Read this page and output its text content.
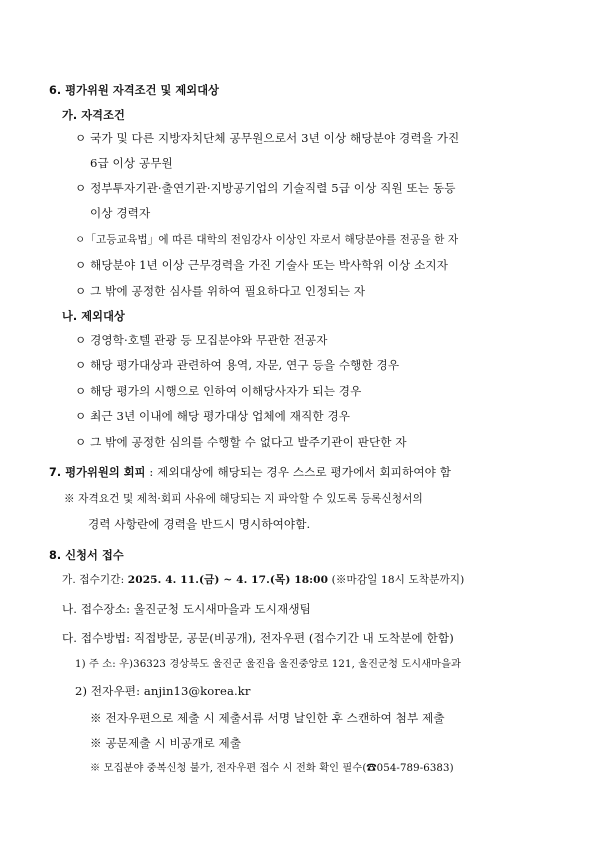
6. 평가위원 자격조건 및 제외대상
가. 자격조건
ㅇ 국가 및 다른 지방자치단체 공무원으로서 3년 이상 해당분야 경력을 가진
6급 이상 공무원
ㅇ 정부투자기관·출연기관·지방공기업의 기술직렬 5급 이상 직원 또는 동등
이상 경력자
ㅇ「고등교육법」에 따른 대학의 전임강사 이상인 자로서 해당분야를 전공을 한 자
ㅇ 해당분야 1년 이상 근무경력을 가진 기술사 또는 박사학위 이상 소지자
ㅇ 그 밖에 공정한 심사를 위하여 필요하다고 인정되는 자
나. 제외대상
ㅇ 경영학·호텔 관광 등 모집분야와 무관한 전공자
ㅇ 해당 평가대상과 관련하여 용역, 자문, 연구 등을 수행한 경우
ㅇ 해당 평가의 시행으로 인하여 이해당사자가 되는 경우
ㅇ 최근 3년 이내에 해당 평가대상 업체에 재직한 경우
ㅇ 그 밖에 공정한 심의를 수행할 수 없다고 발주기관이 판단한 자
7. 평가위원의 회피 : 제외대상에 해당되는 경우 스스로 평가에서 회피하여야 함
※ 자격요건 및 제척·회피 사유에 해당되는 지 파악할 수 있도록 등록신청서의
경력 사항란에 경력을 반드시 명시하여야함.
8. 신청서 접수
가. 접수기간: 2025. 4. 11.(금) ~ 4. 17.(목) 18:00 (※마감일 18시 도착분까지)
나. 접수장소: 울진군청 도시새마을과 도시재생팀
다. 접수방법: 직접방문, 공문(비공개), 전자우편 (접수기간 내 도착분에 한함)
1) 주 소: 우)36323 경상북도 울진군 울진읍 울진중앙로 121, 울진군청 도시새마을과
2) 전자우편: anjin13@korea.kr
※ 전자우편으로 제출 시 제출서류 서명 날인한 후 스캔하여 첨부 제출
※ 공문제출 시 비공개로 제출
※ 모집분야 중복신청 불가, 전자우편 접수 시 전화 확인 필수(☎054-789-6383)
